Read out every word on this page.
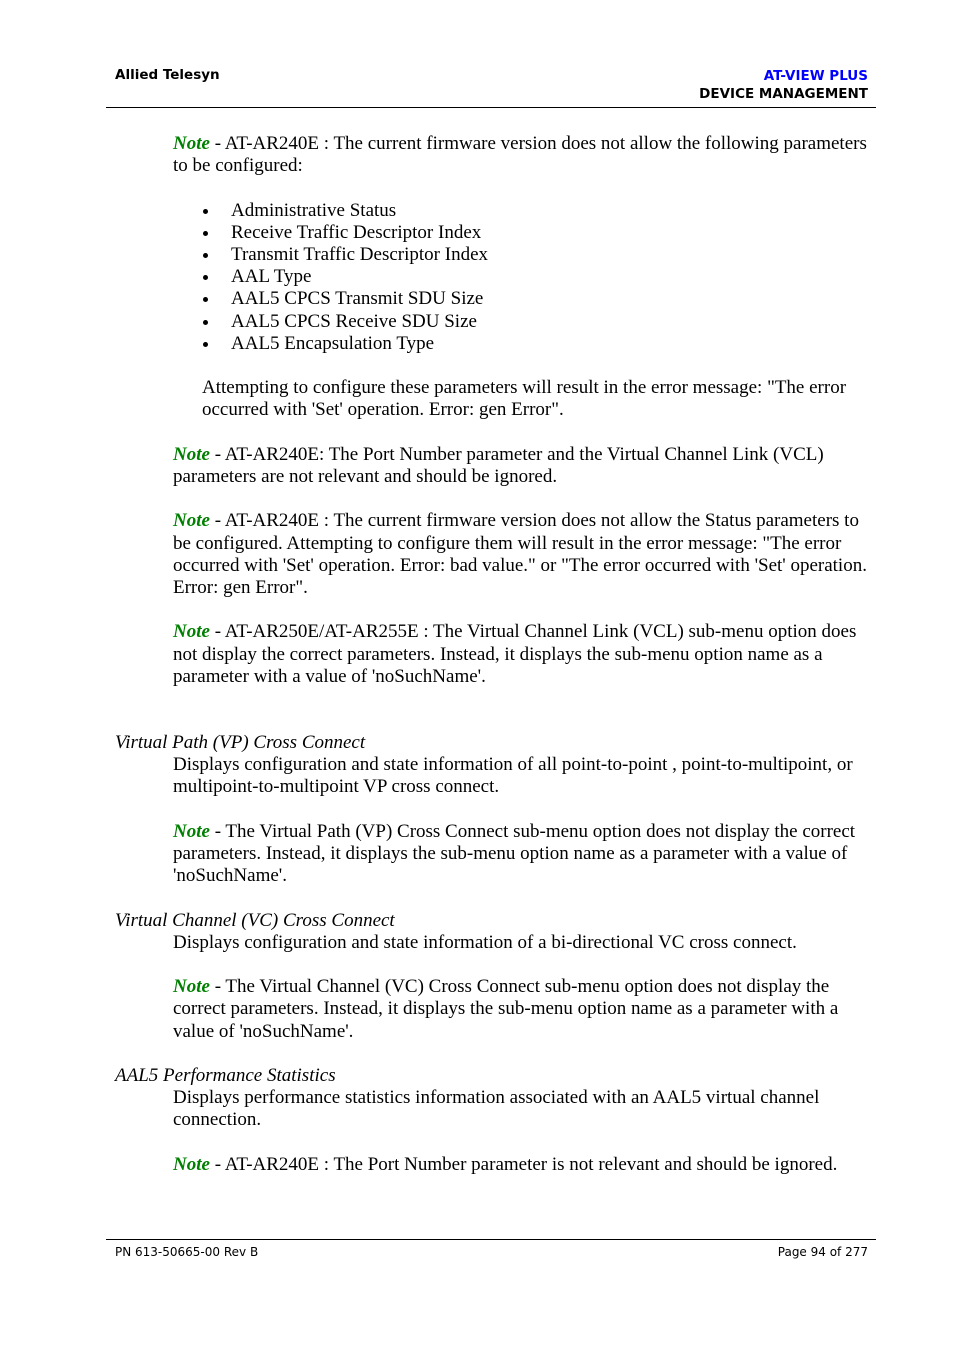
Allied Telesyn	AT-VIEW PLUS
DEVICE MANAGEMENT

Note - AT-AR240E : The current firmware version does not allow the following parameters to be configured:

Administrative Status
Receive Traffic Descriptor Index
Transmit Traffic Descriptor Index
AAL Type
AAL5 CPCS Transmit SDU Size
AAL5 CPCS Receive SDU Size
AAL5 Encapsulation Type

Attempting to configure these parameters will result in the error message: "The error occurred with 'Set' operation. Error: gen Error".

Note - AT-AR240E: The Port Number parameter and the Virtual Channel Link (VCL) parameters are not relevant and should be ignored.

Note - AT-AR240E : The current firmware version does not allow the Status parameters to be configured. Attempting to configure them will result in the error message: "The error occurred with 'Set' operation. Error: bad value." or "The error occurred with 'Set' operation. Error: gen Error".

Note - AT-AR250E/AT-AR255E : The Virtual Channel Link (VCL) sub-menu option does not display the correct parameters. Instead, it displays the sub-menu option name as a parameter with a value of 'noSuchName'.

Virtual Path (VP) Cross Connect

Displays configuration and state information of all point-to-point , point-to-multipoint, or multipoint-to-multipoint VP cross connect.

Note - The Virtual Path (VP) Cross Connect sub-menu option does not display the correct parameters. Instead, it displays the sub-menu option name as a parameter with a value of 'noSuchName'.

Virtual Channel (VC) Cross Connect

Displays configuration and state information of a bi-directional VC cross connect.

Note - The Virtual Channel (VC) Cross Connect sub-menu option does not display the correct parameters. Instead, it displays the sub-menu option name as a parameter with a value of 'noSuchName'.

AAL5 Performance Statistics

Displays performance statistics information associated with an AAL5 virtual channel connection.

Note - AT-AR240E : The Port Number parameter is not relevant and should be ignored.

PN 613-50665-00 Rev B	Page 94 of 277
